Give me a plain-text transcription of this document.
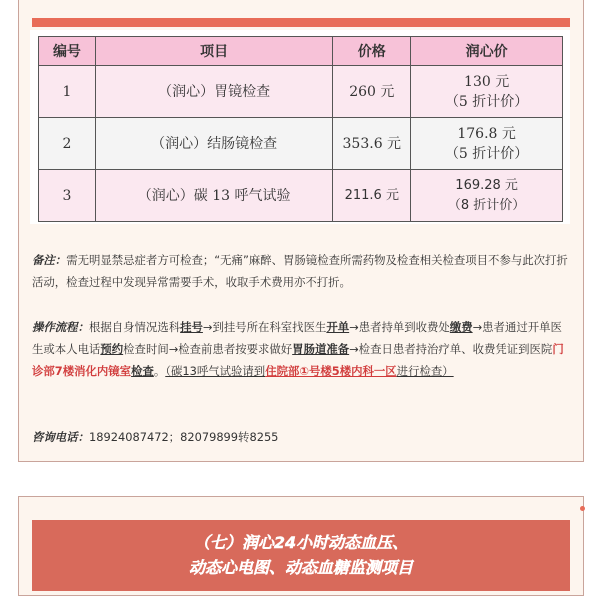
编号	项目	价格	润心价
1	（润心）胃镜检查	260 元	130 元
（5 折计价）

2	（润心）结肠镜检查	353.6 元	176.8 元
（5 折计价）

3	（润心）碳 13 呼气试验	211.6 元	169.28 元
（8 折计价）
备注：需无明显禁忌症者方可检查；“无痛”麻醉、胃肠镜检查所需药物及检查相关检查项目不参与此次打折活动，检查过程中发现异常需要手术，收取手术费用亦不打折。
操作流程：根据自身情况选科挂号→到挂号所在科室找医生开单→患者持单到收费处缴费→患者通过开单医生或本人电话预约检查时间→检查前患者按要求做好胃肠道准备→检查日患者持治疗单、收费凭证到医院门诊部7楼消化内镜室检查。（碳13呼气试验请到住院部①号楼5楼内科一区进行检查）
咨询电话：18924087472；82079899转8255
（七）润心24小时动态血压、
动态心电图、动态血糖监测项目
